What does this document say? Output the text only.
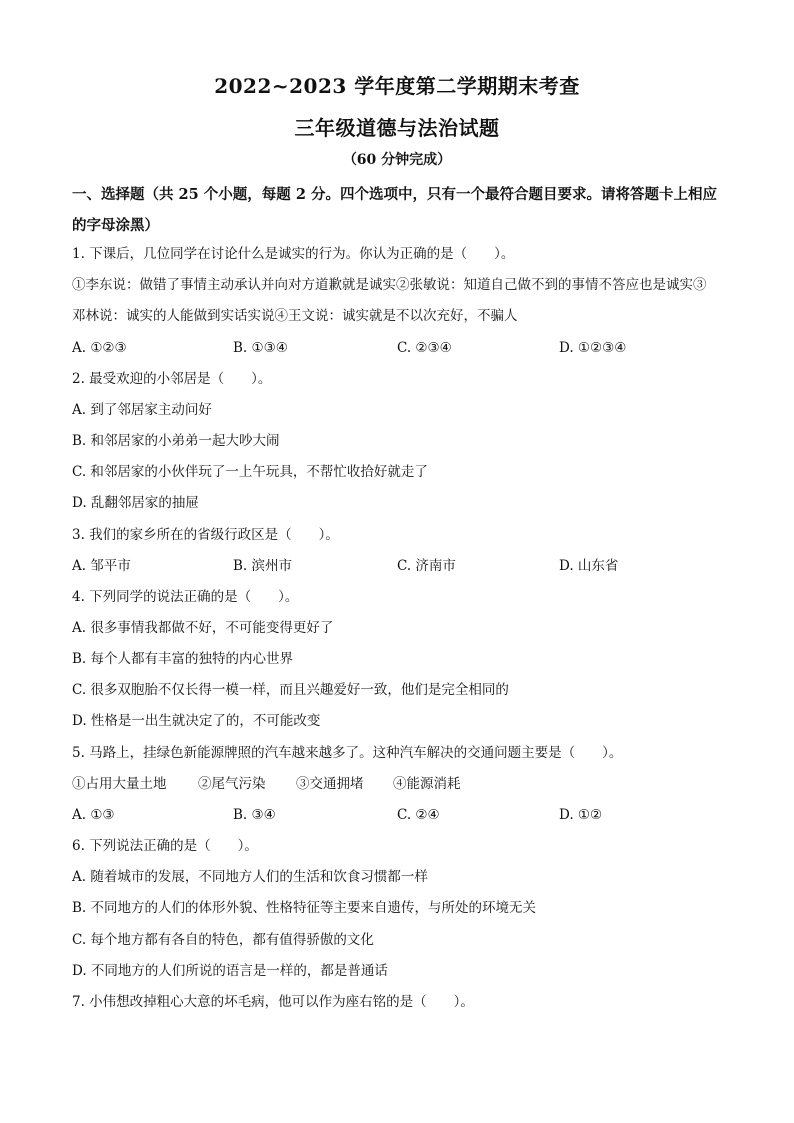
2022~2023 学年度第二学期期末考查
三年级道德与法治试题
（60 分钟完成）
一、选择题（共 25 个小题，每题 2 分。四个选项中，只有一个最符合题目要求。请将答题卡上相应的字母涂黑）
1. 下课后，几位同学在讨论什么是诚实的行为。你认为正确的是（　　）。
①李东说：做错了事情主动承认并向对方道歉就是诚实②张敏说：知道自己做不到的事情不答应也是诚实③
邓林说：诚实的人能做到实话实说④王文说：诚实就是不以次充好，不骗人
A. ①②③	B. ①③④	C. ②③④	D. ①②③④
2. 最受欢迎的小邻居是（　　）。
A. 到了邻居家主动问好
B. 和邻居家的小弟弟一起大吵大闹
C. 和邻居家的小伙伴玩了一上午玩具，不帮忙收拾好就走了
D. 乱翻邻居家的抽屉
3. 我们的家乡所在的省级行政区是（　　）。
A. 邹平市	B. 滨州市	C. 济南市	D. 山东省
4. 下列同学的说法正确的是（　　）。
A. 很多事情我都做不好，不可能变得更好了
B. 每个人都有丰富的独特的内心世界
C. 很多双胞胎不仅长得一模一样，而且兴趣爱好一致，他们是完全相同的
D. 性格是一出生就决定了的，不可能改变
5. 马路上，挂绿色新能源牌照的汽车越来越多了。这种汽车解决的交通问题主要是（　　）。
①占用大量土地 ②尾气污染 ③交通拥堵 ④能源消耗
A. ①③	B. ③④	C. ②④	D. ①②
6. 下列说法正确的是（　　）。
A. 随着城市的发展，不同地方人们的生活和饮食习惯都一样
B. 不同地方的人们的体形外貌、性格特征等主要来自遗传，与所处的环境无关
C. 每个地方都有各自的特色，都有值得骄傲的文化
D. 不同地方的人们所说的语言是一样的，都是普通话
7. 小伟想改掉粗心大意的坏毛病，他可以作为座右铭的是（　　）。
